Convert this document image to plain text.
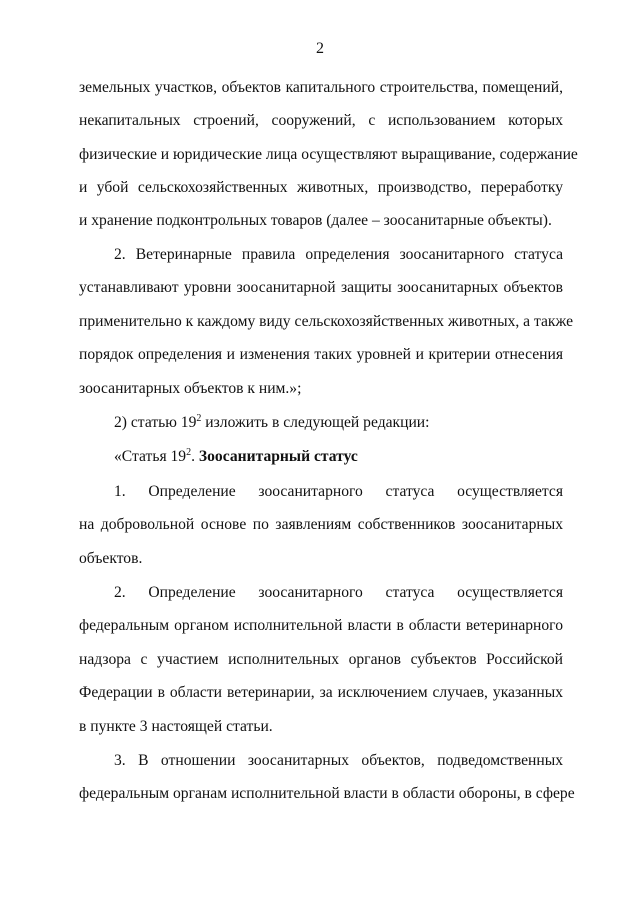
2
земельных участков, объектов капитального строительства, помещений,
некапитальных строений, сооружений, с использованием которых
физические и юридические лица осуществляют выращивание, содержание
и убой сельскохозяйственных животных, производство, переработку
и хранение подконтрольных товаров (далее – зоосанитарные объекты).
2. Ветеринарные правила определения зоосанитарного статуса
устанавливают уровни зоосанитарной защиты зоосанитарных объектов
применительно к каждому виду сельскохозяйственных животных, а также
порядок определения и изменения таких уровней и критерии отнесения
зоосанитарных объектов к ним.»;
2) статью $19^2$ изложить в следующей редакции:
«Статья $19^2$. Зоосанитарный статус
1. Определение зоосанитарного статуса осуществляется
на добровольной основе по заявлениям собственников зоосанитарных
объектов.
2. Определение зоосанитарного статуса осуществляется
федеральным органом исполнительной власти в области ветеринарного
надзора с участием исполнительных органов субъектов Российской
Федерации в области ветеринарии, за исключением случаев, указанных
в пункте 3 настоящей статьи.
3. В отношении зоосанитарных объектов, подведомственных
федеральным органам исполнительной власти в области обороны, в сфере
